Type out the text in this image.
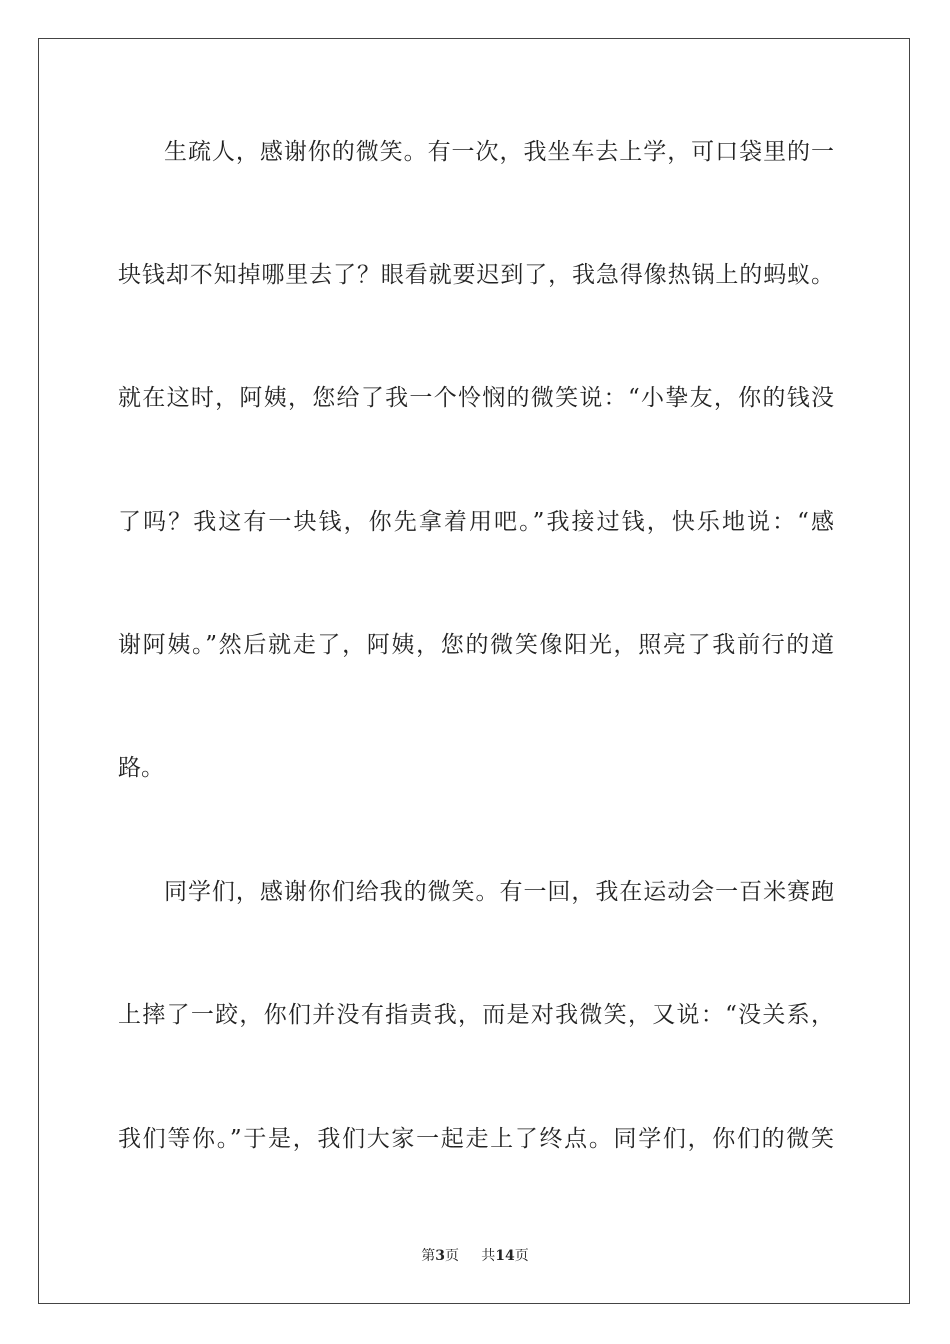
生疏人，感谢你的微笑。有一次，我坐车去上学，可口袋里的一
块钱却不知掉哪里去了？眼看就要迟到了，我急得像热锅上的蚂蚁。
就在这时，阿姨，您给了我一个怜悯的微笑说：“小挚友，你的钱没
了吗？我这有一块钱，你先拿着用吧。”我接过钱，快乐地说：“感
谢阿姨。”然后就走了，阿姨，您的微笑像阳光，照亮了我前行的道
路。
同学们，感谢你们给我的微笑。有一回，我在运动会一百米赛跑
上摔了一跤，你们并没有指责我，而是对我微笑，又说：“没关系，
我们等你。”于是，我们大家一起走上了终点。同学们，你们的微笑
第3页 共14页
